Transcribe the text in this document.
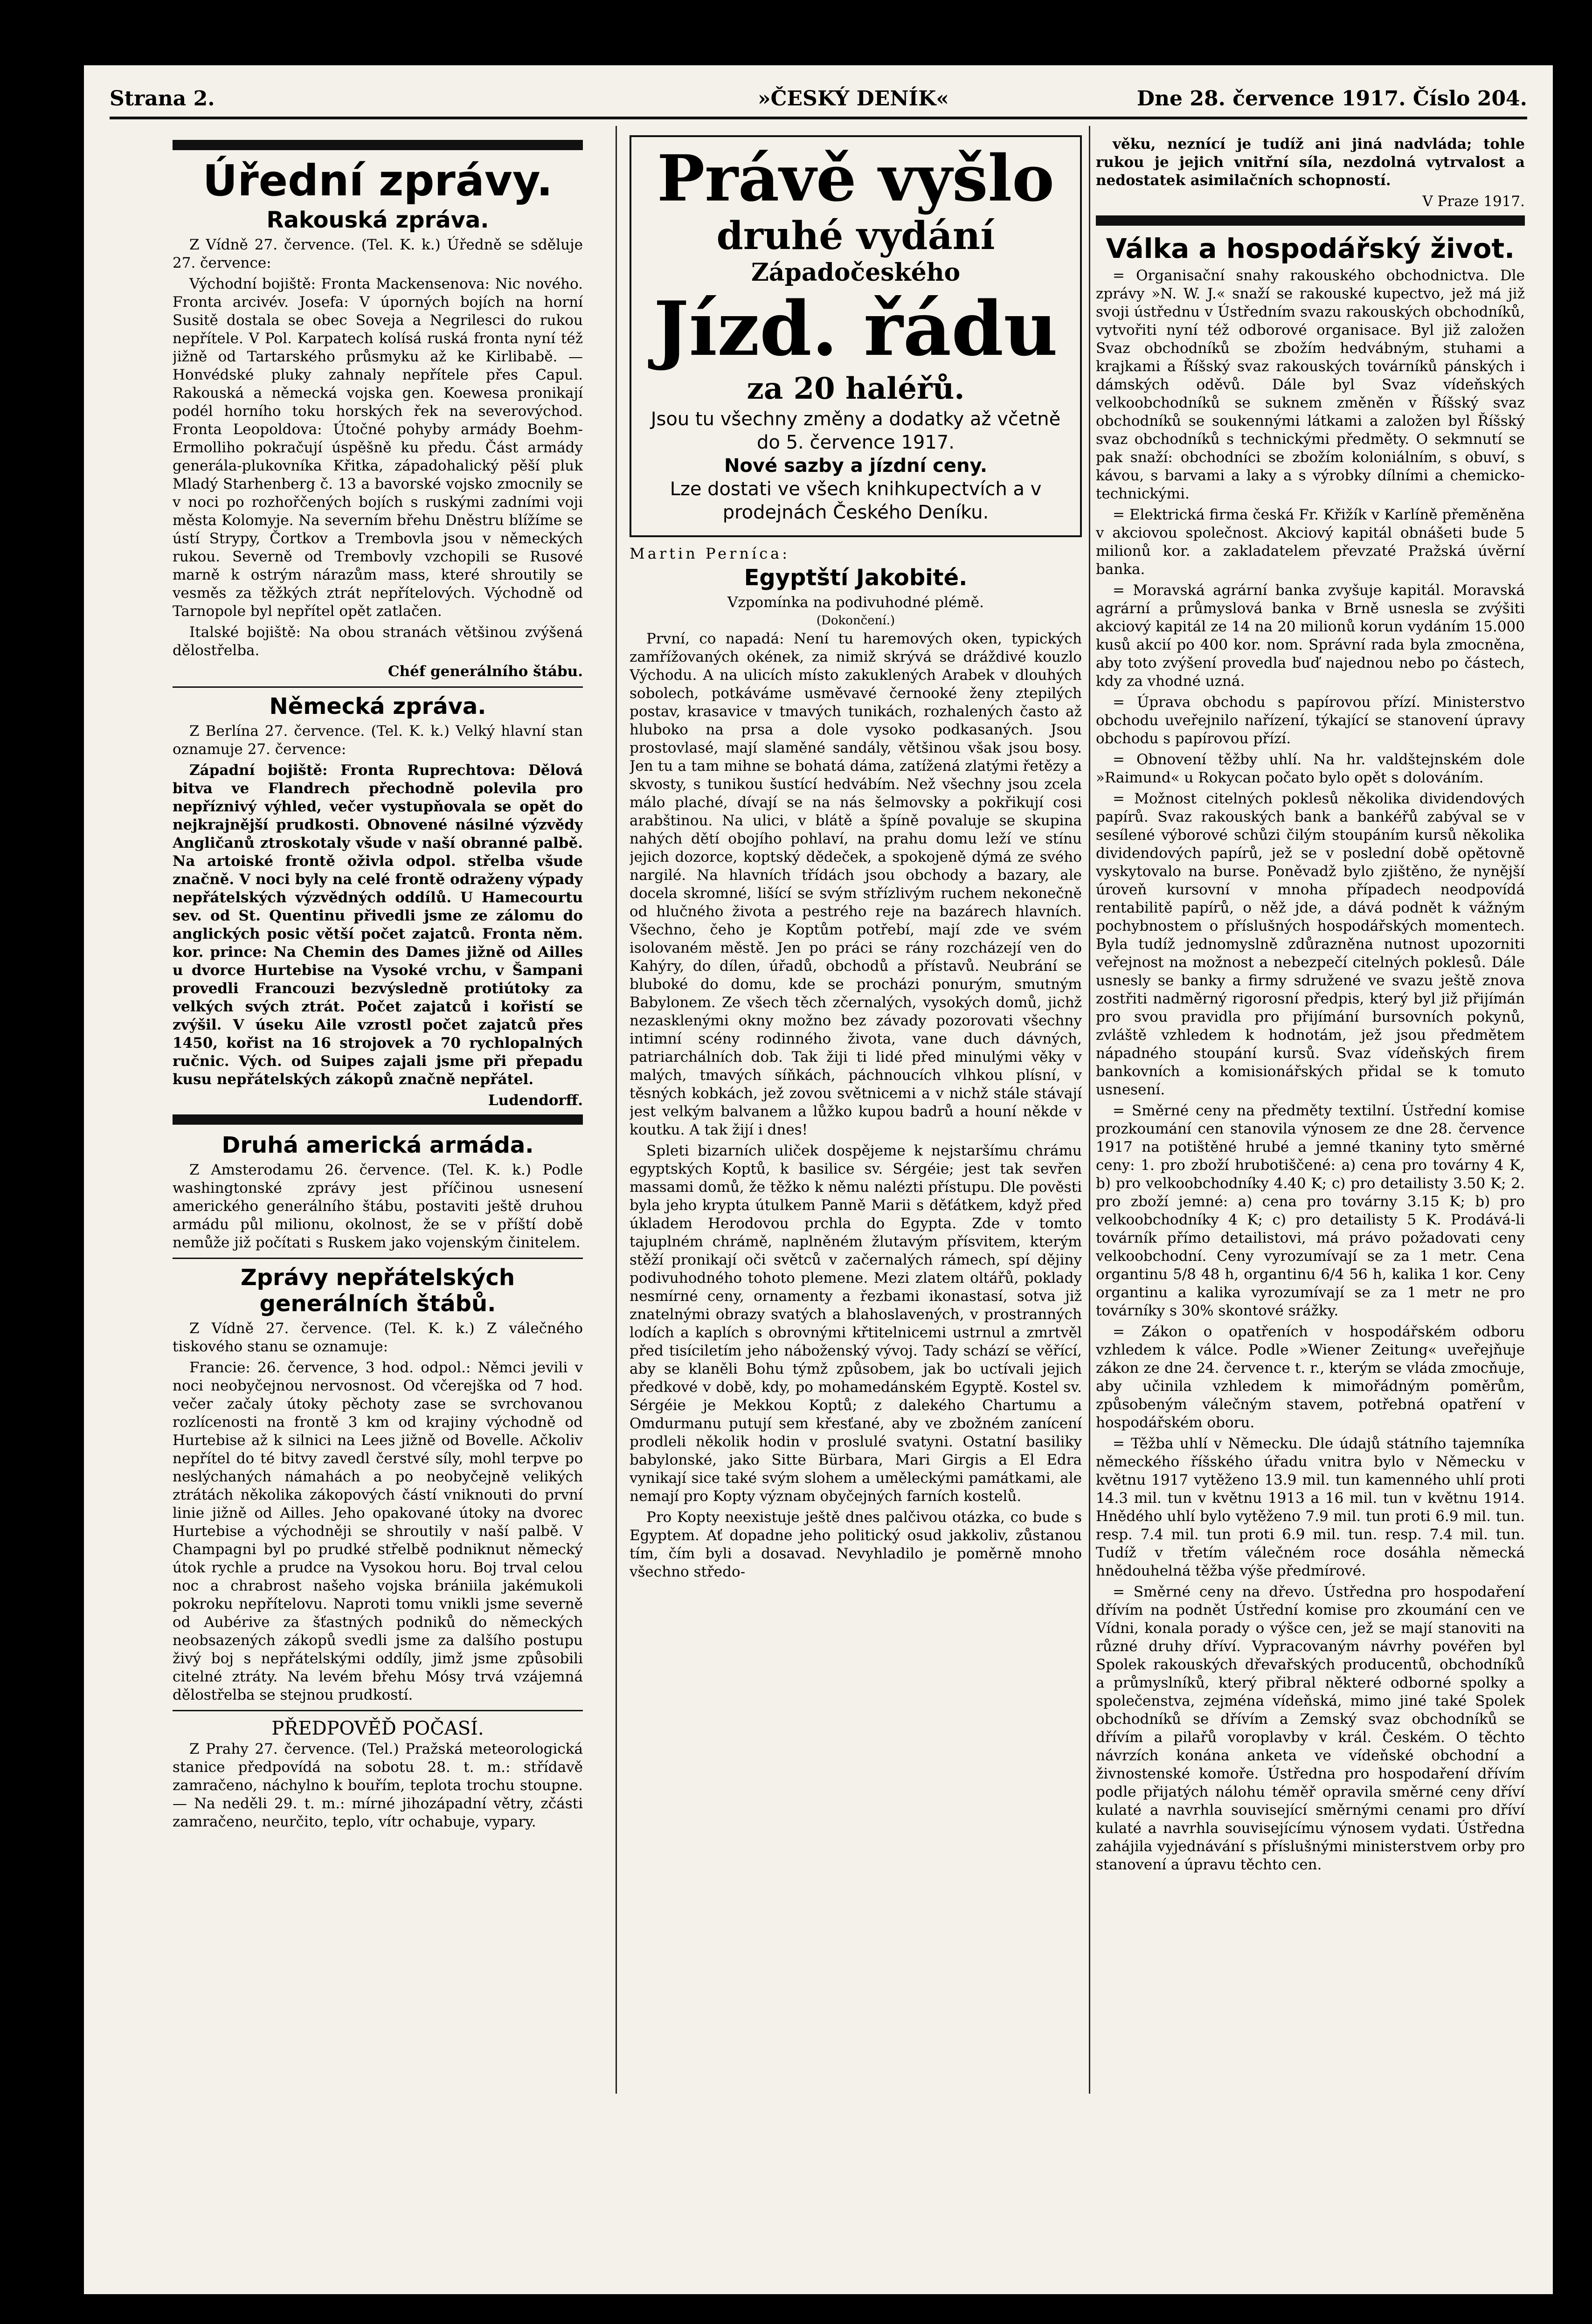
Strana 2.	»ČESKÝ DENÍK«	Dne 28. července 1917. Číslo 204.
Úřední zprávy.
Rakouská zpráva.

Z Vídně 27. července. (Tel. K. k.) Úředně se sděluje 27. července:

Východní bojiště: Fronta Mackensenova: Nic nového. Fronta arcivév. Josefa: V úporných bojích na horní Susitě dostala se obec Soveja a Negrilesci do rukou nepřítele. V Pol. Karpatech kolísá ruská fronta nyní též jižně od Tartarského průsmyku až ke Kirlibabě. — Honvédské pluky zahnaly nepřítele přes Capul. Rakouská a německá vojska gen. Koewesa pronikají podél horního toku horských řek na severovýchod. Fronta Leopoldova: Útočné pohyby armády Boehm-Ermolliho pokračují úspěšně ku předu. Část armády generála-plukovníka Křitka, západohalický pěší pluk Mladý Starhenberg č. 13 a bavorské vojsko zmocnily se v noci po rozhořčených bojích s ruskými zadními voji města Kolomyje. Na severním břehu Dněstru blížíme se ústí Strypy, Čortkov a Trembovla jsou v německých rukou. Severně od Trembovly vzchopili se Rusové marně k ostrým nárazům mass, které shroutily se vesměs za těžkých ztrát nepřítelových. Východně od Tarnopole byl nepřítel opět zatlačen.

Italské bojiště: Na obou stranách většinou zvýšená dělostřelba.

Chéf generálního štábu.
Německá zpráva.

Z Berlína 27. července. (Tel. K. k.) Velký hlavní stan oznamuje 27. července:

Západní bojiště: Fronta Ruprechtova: Dělová bitva ve Flandrech přechodně polevila pro nepříznivý výhled, večer vystupňovala se opět do nejkrajnější prudkosti. Obnovené násilné výzvědy Angličanů ztroskotaly všude v naší obranné palbě. Na artoiské frontě oživla odpol. střelba všude značně. V noci byly na celé frontě odraženy výpady nepřátelských výzvědných oddílů. U Hamecourtu sev. od St. Quentinu přivedli jsme ze zálomu do anglických posic větší počet zajatců. Fronta něm. kor. prince: Na Chemin des Dames jižně od Ailles u dvorce Hurtebise na Vysoké vrchu, v Šampani provedli Francouzi bezvýsledně protiútoky za velkých svých ztrát. Počet zajatců i kořistí se zvýšil. V úseku Aile vzrostl počet zajatců přes 1450, kořist na 16 strojovek a 70 rychlopalných ručnic. Vých. od Suipes zajali jsme při přepadu kusu nepřátelských zákopů značně nepřátel.

Ludendorff.
Druhá americká armáda.

Z Amsterodamu 26. července. (Tel. K. k.) Podle washingtonské zprávy jest příčinou usnesení amerického generálního štábu, postaviti ještě druhou armádu půl milionu, okolnost, že se v příští době nemůže již počítati s Ruskem jako vojenským činitelem.

Zprávy nepřátelských generálních štábů.

Z Vídně 27. července. (Tel. K. k.) Z válečného tiskového stanu se oznamuje:

Francie: 26. července, 3 hod. odpol.: Němci jevili v noci neobyčejnou nervosnost. Od včerejška od 7 hod. večer začaly útoky pěchoty zase se svrchovanou rozlícenosti na frontě 3 km od krajiny východně od Hurtebise až k silnici na Lees jižně od Bovelle. Ačkoliv nepřítel do té bitvy zavedl čerstvé síly, mohl terpve po neslýchaných námahách a po neobyčejně velikých ztrátách několika zákopových částí vniknouti do první linie jižně od Ailles. Jeho opakované útoky na dvorec Hurtebise a východněji se shroutily v naší palbě. V Champagni byl po prudké střelbě podniknut německý útok rychle a prudce na Vysokou horu. Boj trval celou noc a chrabrost našeho vojska brániila jakémukoli pokroku nepřítelovu. Naproti tomu vnikli jsme severně od Aubérive za šťastných podniků do německých neobsazených zákopů svedli jsme za dalšího postupu živý boj s nepřátelskými oddíly, jimž jsme způsobili citelné ztráty. Na levém břehu Mósy trvá vzájemná dělostřelba se stejnou prudkostí.

PŘEDPOVĚĎ POČASÍ.

Z Prahy 27. července. (Tel.) Pražská meteorologická stanice předpovídá na sobotu 28. t. m.: střídavě zamračeno, náchylno k bouřím, teplota trochu stoupne. — Na neděli 29. t. m.: mírné jihozápadní větry, zčásti zamračeno, neurčito, teplo, vítr ochabuje, vypary.

Právě vyšlo
druhé vydání
Západočeského
Jízd. řádu
za 20 haléřů.
Jsou tu všechny změny a dodatky až včetně do 5. července 1917.
Nové sazby a jízdní ceny.
Lze dostati ve všech knihkupectvích a v prodejnách Českého Deníku.
Martin Perníca:
Egyptští Jakobité.
Vzpomínka na podivuhodné plémě.
(Dokončení.)

První, co napadá: Není tu haremových oken, typických zamřížovaných okének, za nimiž skrývá se dráždivé kouzlo Východu. A na ulicích místo zakuklených Arabek v dlouhých sobolech, potkáváme usměvavé černooké ženy ztepilých postav, krasavice v tmavých tunikách, rozhalených často až hluboko na prsa a dole vysoko podkasaných. Jsou prostovlasé, mají slaměné sandály, většinou však jsou bosy. Jen tu a tam mihne se bohatá dáma, zatížená zlatými řetězy a skvosty, s tunikou šustící hedvábím. Než všechny jsou zcela málo plaché, dívají se na nás šelmovsky a pokřikují cosi arabštinou. Na ulici, v blátě a špíně povaluje se skupina nahých dětí obojího pohlaví, na prahu domu leží ve stínu jejich dozorce, koptský dědeček, a spokojeně dýmá ze svého nargilé. Na hlavních třídách jsou obchody a bazary, ale docela skromné, lišící se svým střízlivým ruchem nekonečně od hlučného života a pestrého reje na bazárech hlavních. Všechno, čeho je Koptům potřebí, mají zde ve svém isolovaném městě. Jen po práci se rány rozcházejí ven do Kahýry, do dílen, úřadů, obchodů a přístavů. Neubrání se bluboké do domu, kde se procházi ponurým, smutným Babylonem. Ze všech těch zčernalých, vysokých domů, jichž nezasklenými okny možno bez závady pozorovati všechny intimní scény rodinného života, vane duch dávných, patriarchálních dob. Tak žiji ti lidé před minulými věky v malých, tmavých síňkách, páchnoucích vlhkou plísní, v těsných kobkách, jež zovou světnicemi a v nichž stále stávají jest velkým balvanem a lůžko kupou badrů a houní někde v koutku. A tak žijí i dnes!

Spleti bizarních uliček dospějeme k nejstaršímu chrámu egyptských Koptů, k basilice sv. Sérgéie; jest tak sevřen massami domů, že těžko k němu nalézti přístupu. Dle pověsti byla jeho krypta útulkem Panně Marii s děťátkem, když před úkladem Herodovou prchla do Egypta. Zde v tomto tajuplném chrámě, naplněném žlutavým přísvitem, kterým stěží pronikají oči světců v začernalých rámech, spí dějiny podivuhodného tohoto plemene. Mezi zlatem oltářů, poklady nesmírné ceny, ornamenty a řezbami ikonastasí, sotva již znatelnými obrazy svatých a blahoslavených, v prostranných lodích a kaplích s obrovnými křtitelnicemi ustrnul a zmrtvěl před tisíciletím jeho náboženský vývoj. Tady schází se věřící, aby se klaněli Bohu týmž způsobem, jak bo uctívali jejich předkové v době, kdy, po mohamedánském Egyptě. Kostel sv. Sérgéie je Mekkou Koptů; z dalekého Chartumu a Omdurmanu putují sem křesťané, aby ve zbožném zanícení prodleli několik hodin v proslulé svatyni. Ostatní basiliky babylonské, jako Sitte Bürbara, Mari Girgis a El Edra vynikají sice také svým slohem a uměleckými památkami, ale nemají pro Kopty význam obyčejných farních kostelů.

Pro Kopty neexistuje ještě dnes palčivou otázka, co bude s Egyptem. Ať dopadne jeho politický osud jakkoliv, zůstanou tím, čím byli a dosavad. Nevyhladilo je poměrně mnoho všechno středo-

věku, neznící je tudíž ani jiná nadvláda; tohle rukou je jejich vnitřní síla, nezdolná vytrvalost a nedostatek asimilačních schopností.

V Praze 1917.
Válka a hospodářský život.

= Organisační snahy rakouského obchodnictva. Dle zprávy »N. W. J.« snaží se rakouské kupectvo, jež má již svoji ústřednu v Ústředním svazu rakouských obchodníků, vytvořiti nyní též odborové organisace. Byl již založen Svaz obchodníků se zbožím hedvábným, stuhami a krajkami a Říšský svaz rakouských továrníků pánských i dámských oděvů. Dále byl Svaz vídeňských velkoobchodníků se suknem změněn v Říšský svaz obchodníků se soukennými látkami a založen byl Říšský svaz obchodníků s technickými předměty. O sekmnutí se pak snaží: obchodníci se zbožím koloniálním, s obuví, s kávou, s barvami a laky a s výrobky dílními a chemicko-technickými.

= Elektrická firma česká Fr. Křižík v Karlíně přeměněna v akciovou společnost. Akciový kapitál obnášeti bude 5 milionů kor. a zakladatelem převzaté Pražská úvěrní banka.

= Moravská agrární banka zvyšuje kapitál. Moravská agrární a průmyslová banka v Brně usnesla se zvýšiti akciový kapitál ze 14 na 20 milionů korun vydáním 15.000 kusů akcií po 400 kor. nom. Správní rada byla zmocněna, aby toto zvýšení provedla buď najednou nebo po částech, kdy za vhodné uzná.

= Úprava obchodu s papírovou přízí. Ministerstvo obchodu uveřejnilo nařízení, týkající se stanovení úpravy obchodu s papírovou přízí.

= Obnovení těžby uhlí. Na hr. valdštejnském dole »Raimund« u Rokycan počato bylo opět s dolováním.

= Možnost citelných poklesů několika dividendových papírů. Svaz rakouských bank a bankéřů zabýval se v sesílené výborové schůzi čilým stoupáním kursů několika dividendových papírů, jež se v poslední době opětovně vyskytovalo na burse. Poněvadž bylo zjištěno, že nynější úroveň kursovní v mnoha případech neodpovídá rentabilitě papírů, o něž jde, a dává podnět k vážným pochybnostem o příslušných hospodářských momentech. Byla tudíž jednomyslně zdůrazněna nutnost upozorniti veřejnost na možnost a nebezpečí citelných poklesů. Dále usnesly se banky a firmy sdružené ve svazu ještě znova zostřiti nadměrný rigorosní předpis, který byl již přijímán pro svou pravidla pro přijímání bursovních pokynů, zvláště vzhledem k hodnotám, jež jsou předmětem nápadného stoupání kursů. Svaz vídeňských firem bankovních a komisionářských přidal se k tomuto usnesení.

= Směrné ceny na předměty textilní. Ústřední komise prozkoumání cen stanovila výnosem ze dne 28. července 1917 na potištěné hrubé a jemné tkaniny tyto směrné ceny: 1. pro zboží hrubotiščené: a) cena pro továrny 4 K, b) pro velkoobchodníky 4.40 K; c) pro detailisty 3.50 K; 2. pro zboží jemné: a) cena pro továrny 3.15 K; b) pro velkoobchodníky 4 K; c) pro detailisty 5 K. Prodává-li továrník přímo detailistovi, má právo požadovati ceny velkoobchodní. Ceny vyrozumívají se za 1 metr. Cena organtinu 5/8 48 h, organtinu 6/4 56 h, kalika 1 kor. Ceny organtinu a kalika vyrozumívají se za 1 metr ne pro továrníky s 30% skontové srážky.

= Zákon o opatřeních v hospodářském odboru vzhledem k válce. Podle »Wiener Zeitung« uveřejňuje zákon ze dne 24. července t. r., kterým se vláda zmocňuje, aby učinila vzhledem k mimořádným poměrům, způsobeným válečným stavem, potřebná opatření v hospodářském oboru.

= Těžba uhlí v Německu. Dle údajů státního tajemníka německého říšského úřadu vnitra bylo v Německu v květnu 1917 vytěženo 13.9 mil. tun kamenného uhlí proti 14.3 mil. tun v květnu 1913 a 16 mil. tun v květnu 1914. Hnědého uhlí bylo vytěženo 7.9 mil. tun proti 6.9 mil. tun. resp. 7.4 mil. tun proti 6.9 mil. tun. resp. 7.4 mil. tun. Tudíž v třetím válečném roce dosáhla německá hnědouhelná těžba výše předmírové.

= Směrné ceny na dřevo. Ústředna pro hospodaření dřívím na podnět Ústřední komise pro zkoumání cen ve Vídni, konala porady o výšce cen, jež se mají stanoviti na různé druhy dříví. Vypracovaným návrhy povéřen byl Spolek rakouských dřevařských producentů, obchodníků a průmyslníků, který přibral některé odborné spolky a společenstva, zejména vídeňská, mimo jiné také Spolek obchodníků se dřívím a Zemský svaz obchodníků se dřívím a pilařů voroplavby v král. Českém. O těchto návrzích konána anketa ve vídeňské obchodní a živnostenské komoře. Ústředna pro hospodaření dřívím podle přijatých nálohu téměř opravila směrné ceny dříví kulaté a navrhla související směrnými cenami pro dříví kulaté a navrhla souvisejícímu výnosem vydati. Ústředna zahájila vyjednávání s příslušnými ministerstvem orby pro stanovení a úpravu těchto cen.
